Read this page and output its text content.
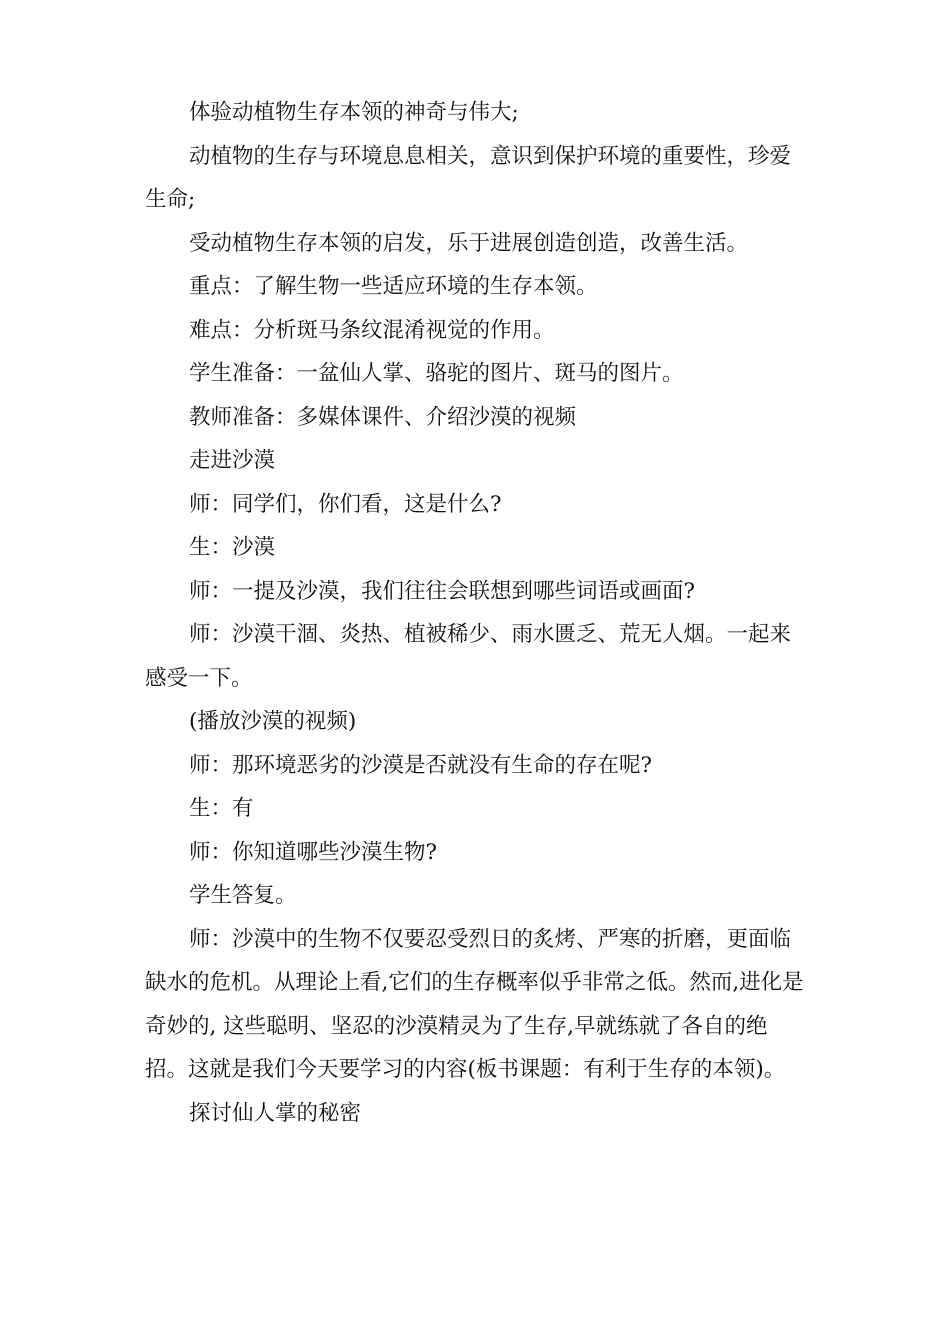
体验动植物生存本领的神奇与伟大;

动植物的生存与环境息息相关，意识到保护环境的重要性，珍爱生命;

受动植物生存本领的启发，乐于进展创造创造，改善生活。

重点：了解生物一些适应环境的生存本领。

难点：分析斑马条纹混淆视觉的作用。

学生准备：一盆仙人掌、骆驼的图片、斑马的图片。

教师准备：多媒体课件、介绍沙漠的视频

走进沙漠

师：同学们，你们看，这是什么?

生：沙漠

师：一提及沙漠，我们往往会联想到哪些词语或画面?

师：沙漠干涸、炎热、植被稀少、雨水匮乏、荒无人烟。一起来感受一下。

(播放沙漠的视频)

师：那环境恶劣的沙漠是否就没有生命的存在呢?

生：有

师：你知道哪些沙漠生物?

学生答复。

师：沙漠中的生物不仅要忍受烈日的炙烤、严寒的折磨，更面临缺水的危机。从理论上看,它们的生存概率似乎非常之低。然而,进化是奇妙的, 这些聪明、坚忍的沙漠精灵为了生存,早就练就了各自的绝招。这就是我们今天要学习的内容(板书课题：有利于生存的本领)。

探讨仙人掌的秘密
